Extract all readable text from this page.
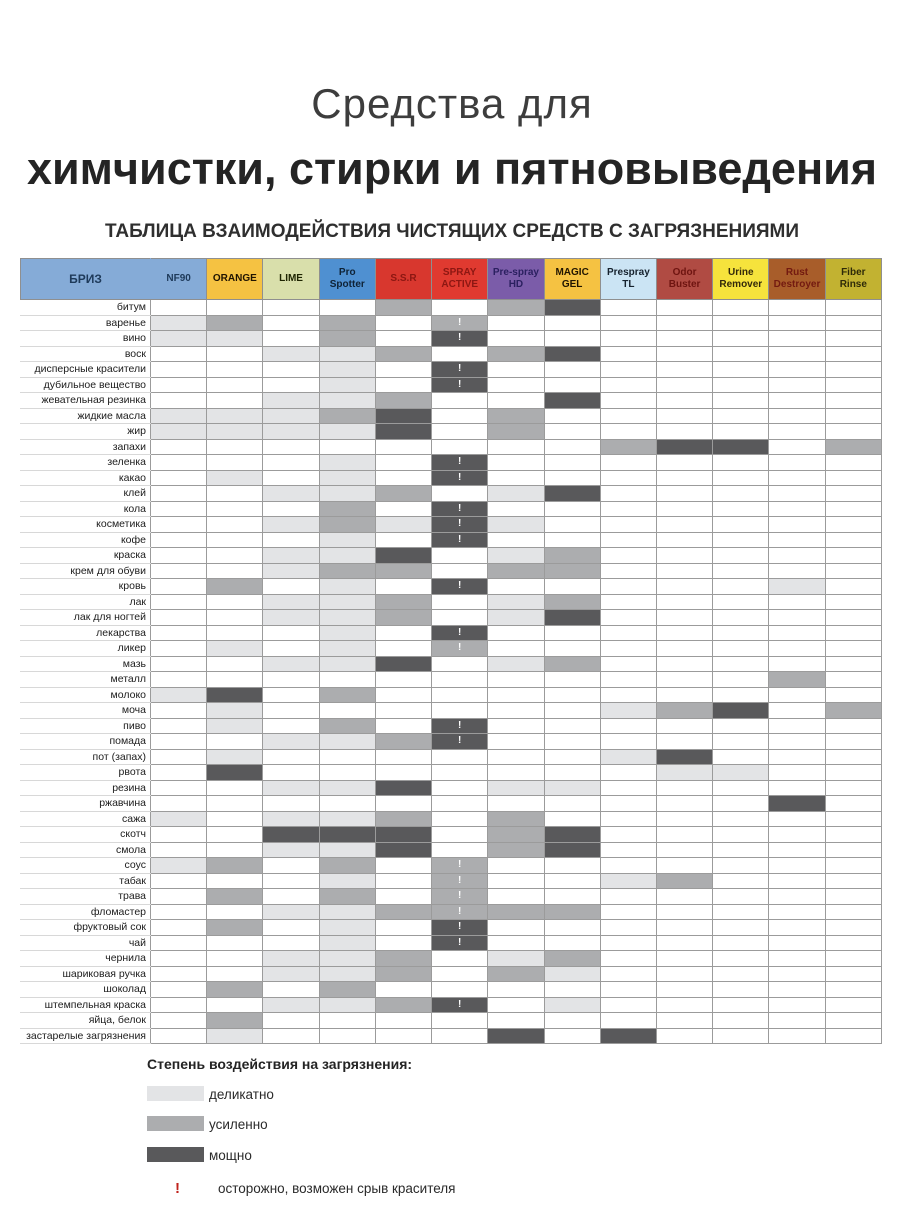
Средства для
химчистки, стирки и пятновыведения
ТАБЛИЦА ВЗАИМОДЕЙСТВИЯ ЧИСТЯЩИХ СРЕДСТВ С ЗАГРЯЗНЕНИЯМИ
БРИЗ	NF90	ORANGE	LIME	Pro Spotter	S.S.R	SPRAY ACTIVE	Pre-spray HD	MAGIC GEL	Prespray TL	Odor Buster	Urine Remover	Rust Destroyer	Fiber Rinse
битум													
варенье						!							
вино						!							
воск													
дисперсные красители						!							
дубильное вещество						!							
жевательная резинка													
жидкие масла													
жир													
запахи													
зеленка						!							
какао						!							
клей													
кола						!							
косметика						!							
кофе						!							
краска													
крем для обуви													
кровь						!							
лак													
лак для ногтей													
лекарства						!							
ликер						!							
мазь													
металл													
молоко													
моча													
пиво						!							
помада						!							
пот (запах)													
рвота													
резина													
ржавчина													
сажа													
скотч													
смола													
соус						!							
табак						!							
трава						!							
фломастер						!							
фруктовый сок						!							
чай						!							
чернила													
шариковая ручка													
шоколад													
штемпельная краска						!							
яйца, белок													
застарелые загрязнения													
Степень воздействия на загрязнения:
деликатно
усиленно
мощно
!	осторожно, возможен срыв красителя
